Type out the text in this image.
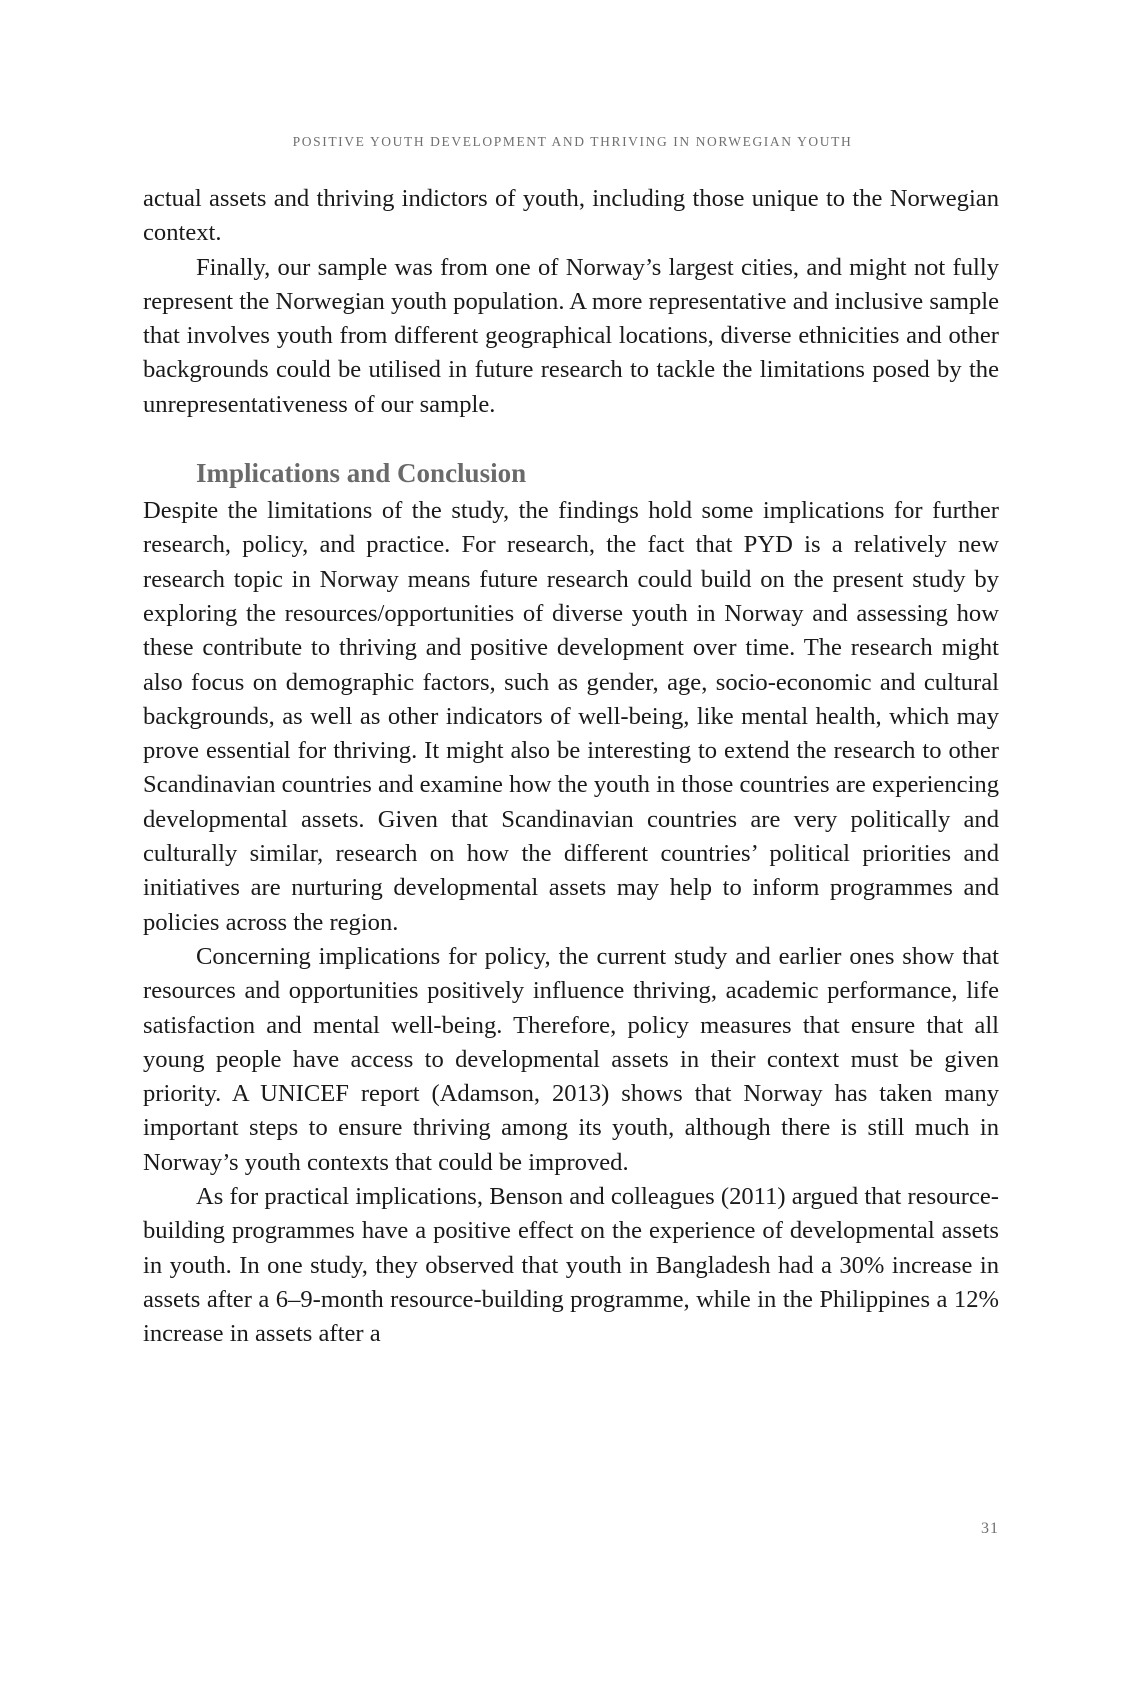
POSITIVE YOUTH DEVELOPMENT AND THRIVING IN NORWEGIAN YOUTH

actual assets and thriving indictors of youth, including those unique to the Norwegian context.

Finally, our sample was from one of Norway’s largest cities, and might not fully represent the Norwegian youth population. A more representative and inclusive sample that involves youth from different geographical locations, diverse ethnicities and other backgrounds could be utilised in future research to tackle the limitations posed by the unrepresentativeness of our sample.

Implications and Conclusion

Despite the limitations of the study, the findings hold some implications for further research, policy, and practice. For research, the fact that PYD is a relatively new research topic in Norway means future research could build on the present study by exploring the resources/opportunities of diverse youth in Norway and assessing how these contribute to thriving and positive development over time. The research might also focus on demographic factors, such as gender, age, socio-economic and cultural backgrounds, as well as other indicators of well-being, like mental health, which may prove essential for thriving. It might also be interesting to extend the research to other Scandinavian countries and examine how the youth in those countries are experiencing developmental assets. Given that Scandinavian countries are very politically and culturally similar, research on how the different countries’ political priorities and initiatives are nurturing developmental assets may help to inform programmes and policies across the region.

Concerning implications for policy, the current study and earlier ones show that resources and opportunities positively influence thriving, academic performance, life satisfaction and mental well-being. Therefore, policy measures that ensure that all young people have access to developmental assets in their context must be given priority. A UNICEF report (Adamson, 2013) shows that Norway has taken many important steps to ensure thriving among its youth, although there is still much in Norway’s youth contexts that could be improved.

As for practical implications, Benson and colleagues (2011) argued that resource-building programmes have a positive effect on the experience of developmental assets in youth. In one study, they observed that youth in Bangladesh had a 30% increase in assets after a 6–9-month resource-building programme, while in the Philippines a 12% increase in assets after a

31
